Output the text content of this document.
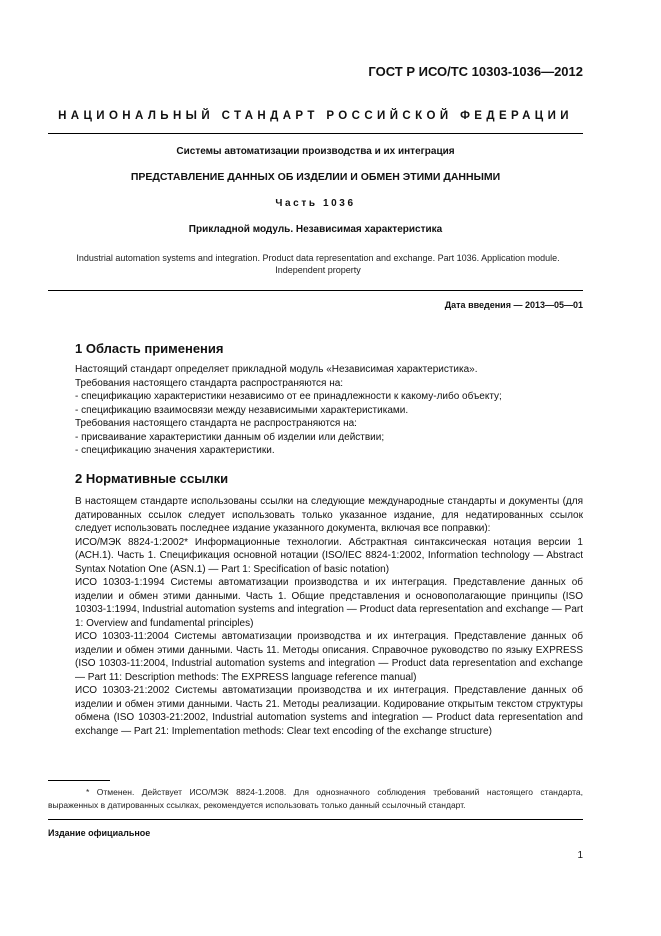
ГОСТ Р ИСО/ТС 10303-1036—2012
НАЦИОНАЛЬНЫЙ СТАНДАРТ РОССИЙСКОЙ ФЕДЕРАЦИИ
Системы автоматизации производства и их интеграция
ПРЕДСТАВЛЕНИЕ ДАННЫХ ОБ ИЗДЕЛИИ И ОБМЕН ЭТИМИ ДАННЫМИ
Часть 1036
Прикладной модуль. Независимая характеристика
Industrial automation systems and integration. Product data representation and exchange. Part 1036. Application module. Independent property
Дата введения — 2013—05—01
1 Область применения
Настоящий стандарт определяет прикладной модуль «Независимая характеристика».
Требования настоящего стандарта распространяются на:
- спецификацию характеристики независимо от ее принадлежности к какому-либо объекту;
- спецификацию взаимосвязи между независимыми характеристиками.
Требования настоящего стандарта не распространяются на:
- присваивание характеристики данным об изделии или действии;
- спецификацию значения характеристики.
2 Нормативные ссылки

В настоящем стандарте использованы ссылки на следующие международные стандарты и документы (для датированных ссылок следует использовать только указанное издание, для недатированных ссылок следует использовать последнее издание указанного документа, включая все поправки):

ИСО/МЭК 8824-1:2002* Информационные технологии. Абстрактная синтаксическая нотация версии 1 (АСН.1). Часть 1. Спецификация основной нотации (ISO/IEC 8824-1:2002, Information technology — Abstract Syntax Notation One (ASN.1) — Part 1: Specification of basic notation)

ИСО 10303-1:1994 Системы автоматизации производства и их интеграция. Представление данных об изделии и обмен этими данными. Часть 1. Общие представления и основополагающие принципы (ISO 10303-1:1994, Industrial automation systems and integration — Product data representation and exchange — Part 1: Overview and fundamental principles)

ИСО 10303-11:2004 Системы автоматизации производства и их интеграция. Представление данных об изделии и обмен этими данными. Часть 11. Методы описания. Справочное руководство по языку EXPRESS (ISO 10303-11:2004, Industrial automation systems and integration — Product data representation and exchange — Part 11: Description methods: The EXPRESS language reference manual)

ИСО 10303-21:2002 Системы автоматизации производства и их интеграция. Представление данных об изделии и обмен этими данными. Часть 21. Методы реализации. Кодирование открытым текстом структуры обмена (ISO 10303-21:2002, Industrial automation systems and integration — Product data representation and exchange — Part 21: Implementation methods: Clear text encoding of the exchange structure)

* Отменен. Действует ИСО/МЭК 8824-1.2008. Для однозначного соблюдения требований настоящего стандарта, выраженных в датированных ссылках, рекомендуется использовать только данный ссылочный стандарт.
Издание официальное
1
